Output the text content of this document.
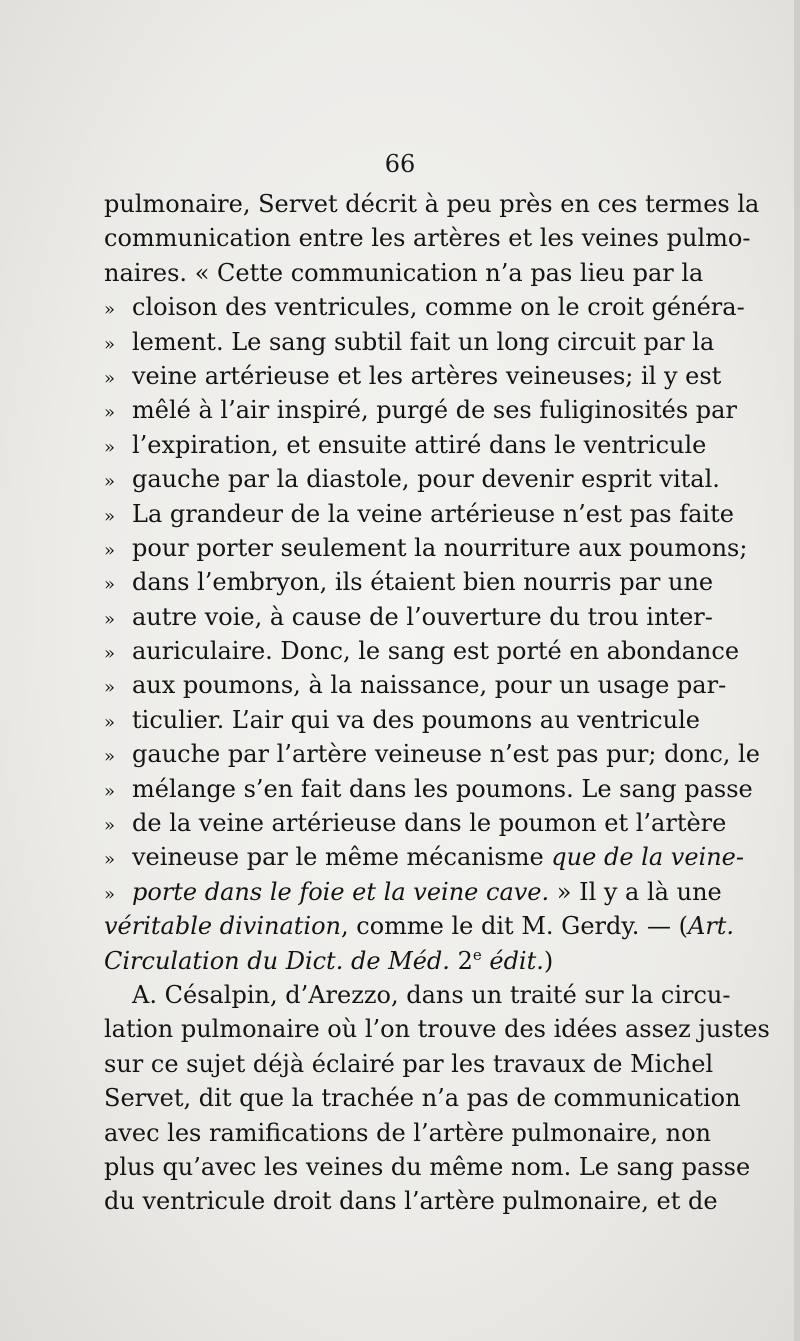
66
pulmonaire, Servet décrit à peu près en ces termes la
communication entre les artères et les veines pulmo-
naires. « Cette communication n’a pas lieu par la
» cloison des ventricules, comme on le croit généra-
» lement. Le sang subtil fait un long circuit par la
» veine artérieuse et les artères veineuses; il y est
» mêlé à l’air inspiré, purgé de ses fuliginosités par
» l’expiration, et ensuite attiré dans le ventricule
» gauche par la diastole, pour devenir esprit vital.
» La grandeur de la veine artérieuse n’est pas faite
» pour porter seulement la nourriture aux poumons;
» dans l’embryon, ils étaient bien nourris par une
» autre voie, à cause de l’ouverture du trou inter-
» auriculaire. Donc, le sang est porté en abondance
» aux poumons, à la naissance, pour un usage par-
» ticulier. L’air qui va des poumons au ventricule
» gauche par l’artère veineuse n’est pas pur; donc, le
» mélange s’en fait dans les poumons. Le sang passe
» de la veine artérieuse dans le poumon et l’artère
» veineuse par le même mécanisme que de la veine-
» porte dans le foie et la veine cave. » Il y a là une
véritable divination, comme le dit M. Gerdy. — (Art.
Circulation du Dict. de Méd. 2e édit.)
A. Césalpin, d’Arezzo, dans un traité sur la circu-
lation pulmonaire où l’on trouve des idées assez justes
sur ce sujet déjà éclairé par les travaux de Michel
Servet, dit que la trachée n’a pas de communication
avec les ramifications de l’artère pulmonaire, non
plus qu’avec les veines du même nom. Le sang passe
du ventricule droit dans l’artère pulmonaire, et de
